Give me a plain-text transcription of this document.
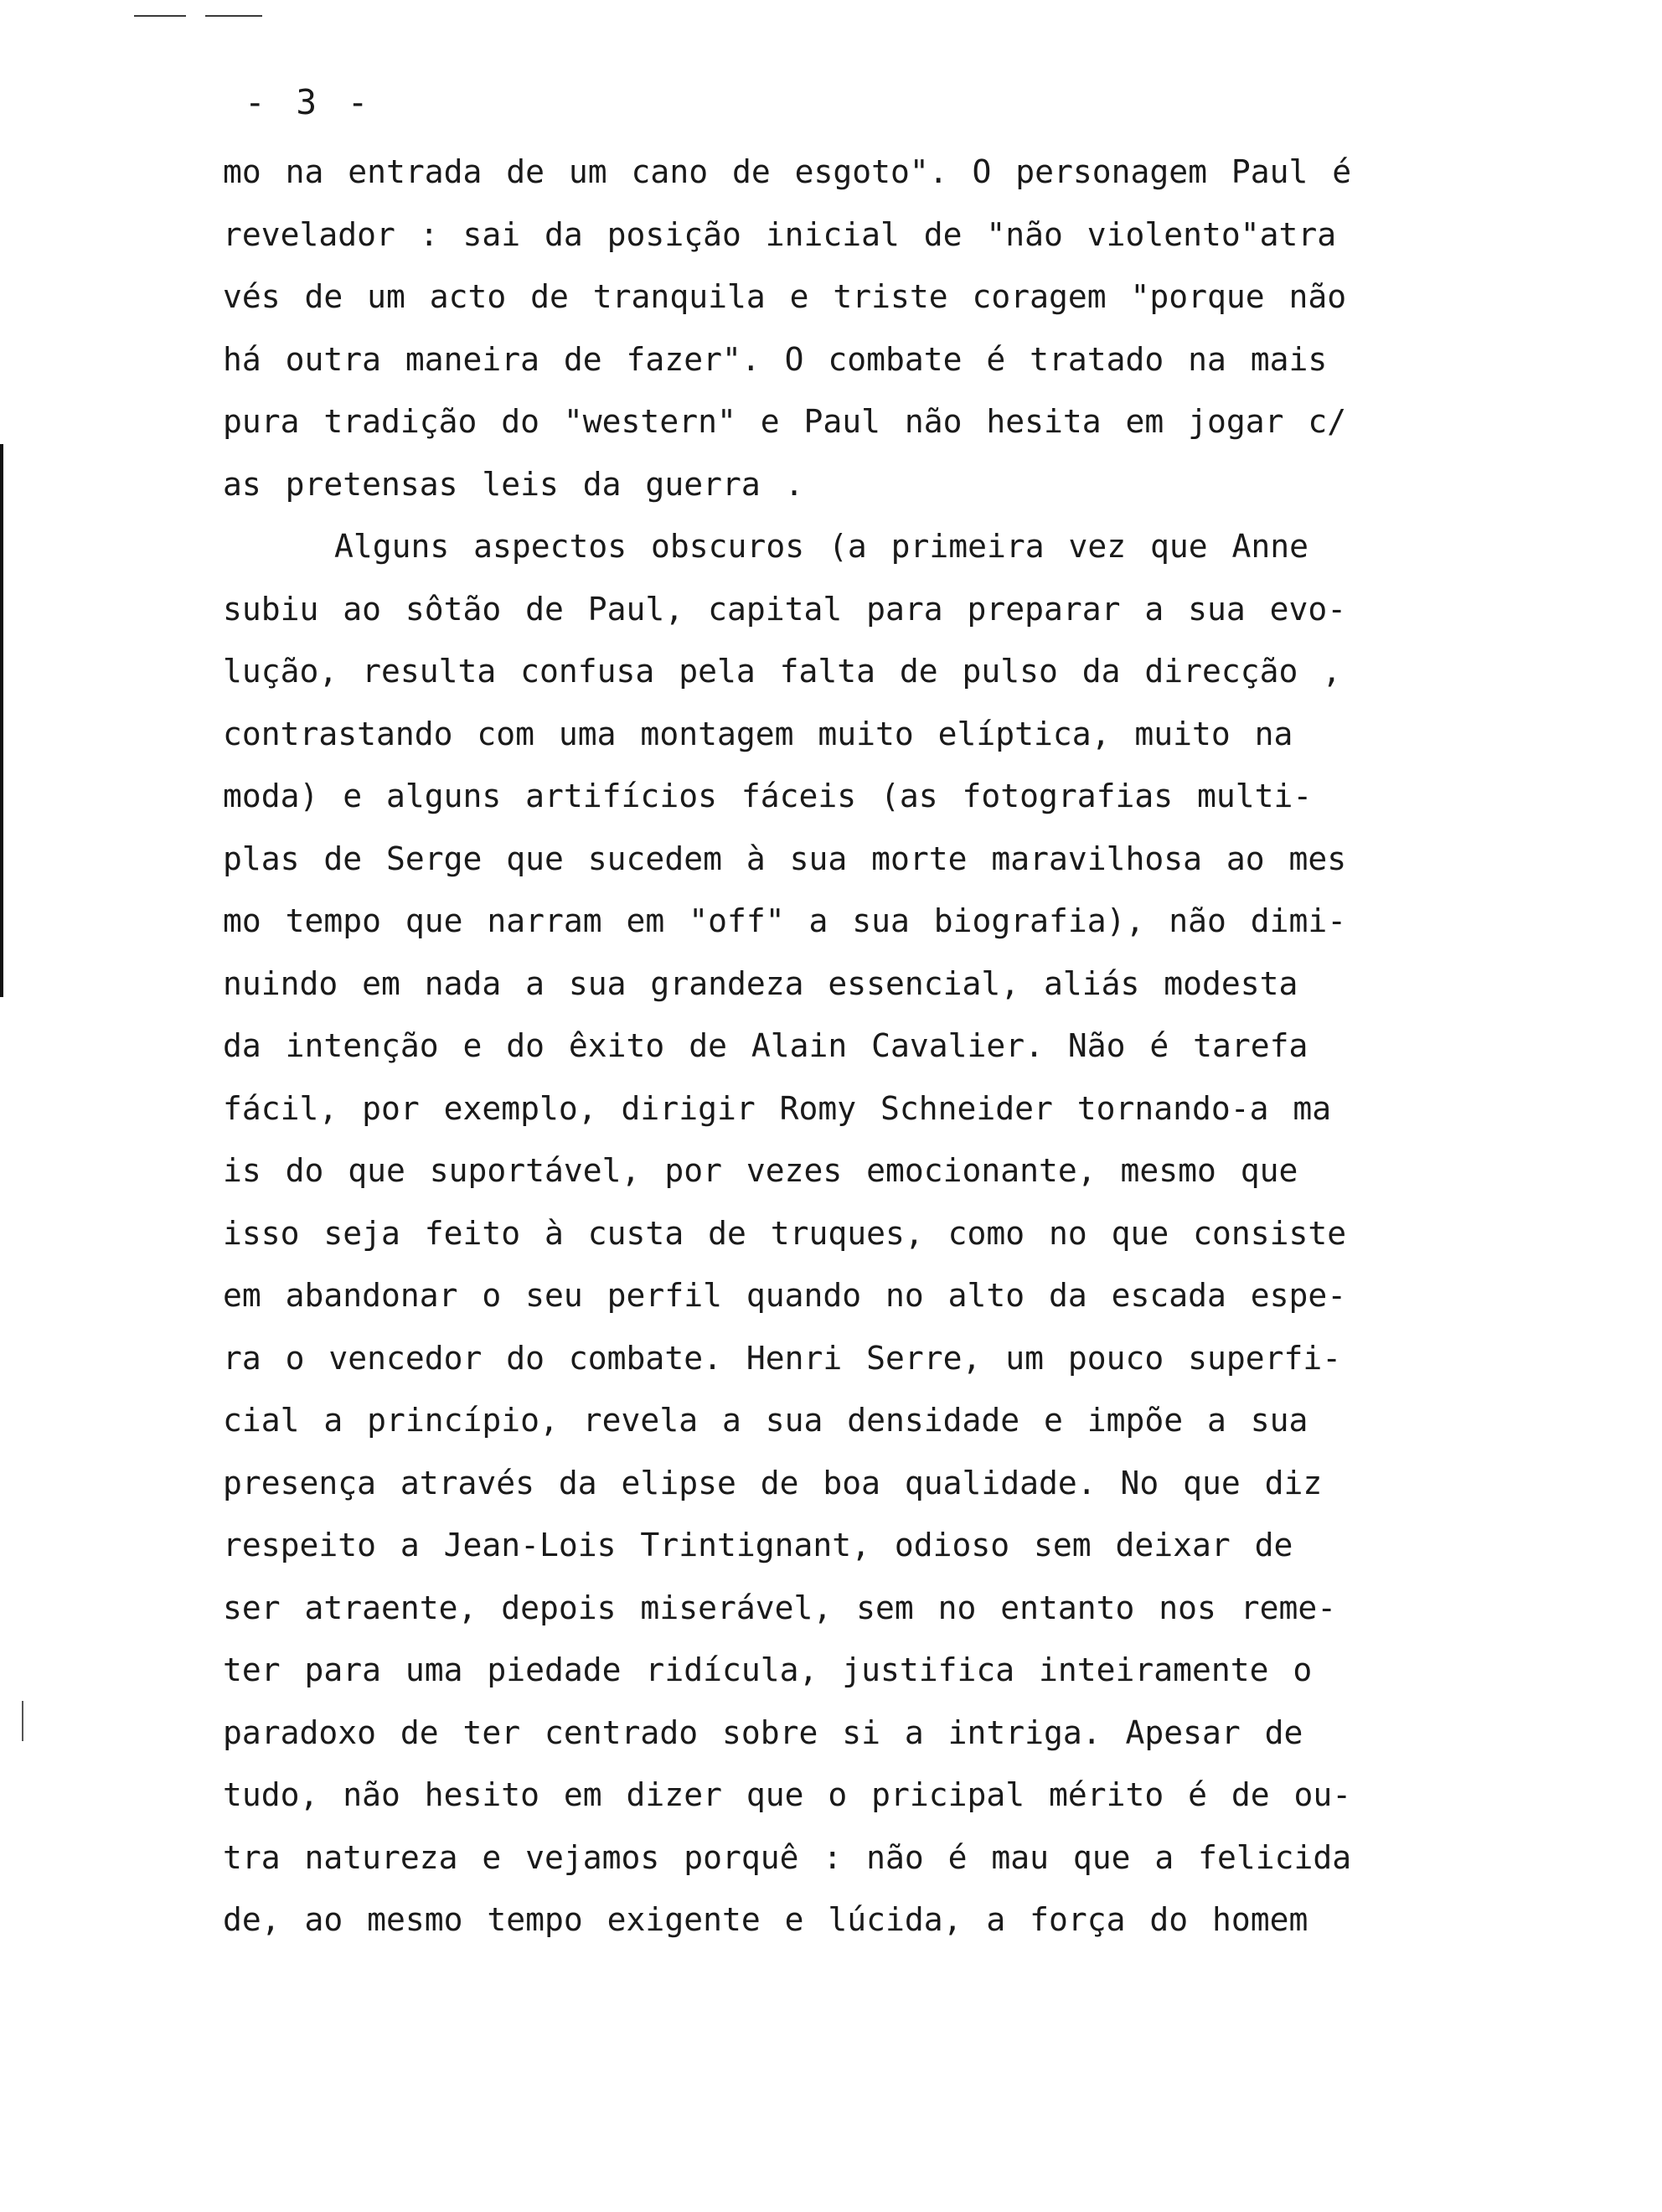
- 3 -
mo na entrada de um cano de esgoto". O personagem Paul é
revelador : sai da posição inicial de "não violento"atra
vés de um acto de tranquila e triste coragem "porque não
há outra maneira de fazer". O combate é tratado na mais
pura tradição do "western" e Paul não hesita em jogar c/
as pretensas leis da guerra .
Alguns aspectos obscuros (a primeira vez que Anne
subiu ao sôtão de Paul, capital para preparar a sua evo-
lução, resulta confusa pela falta de pulso da direcção ,
contrastando com uma montagem muito elíptica, muito na
moda) e alguns artifícios fáceis (as fotografias multi-
plas de Serge que sucedem à sua morte maravilhosa ao mes
mo tempo que narram em "off" a sua biografia), não dimi-
nuindo em nada a sua grandeza essencial, aliás modesta
da intenção e do êxito de Alain Cavalier. Não é tarefa
fácil, por exemplo, dirigir Romy Schneider tornando-a ma
is do que suportável, por vezes emocionante, mesmo que
isso seja feito à custa de truques, como no que consiste
em abandonar o seu perfil quando no alto da escada espe-
ra o vencedor do combate. Henri Serre, um pouco superfi-
cial a princípio, revela a sua densidade e impõe a sua
presença através da elipse de boa qualidade. No que diz
respeito a Jean-Lois Trintignant, odioso sem deixar de
ser atraente, depois miserável, sem no entanto nos reme-
ter para uma piedade ridícula, justifica inteiramente o
paradoxo de ter centrado sobre si a intriga. Apesar de
tudo, não hesito em dizer que o pricipal mérito é de ou-
tra natureza e vejamos porquê : não é mau que a felicida
de, ao mesmo tempo exigente e lúcida, a força do homem
